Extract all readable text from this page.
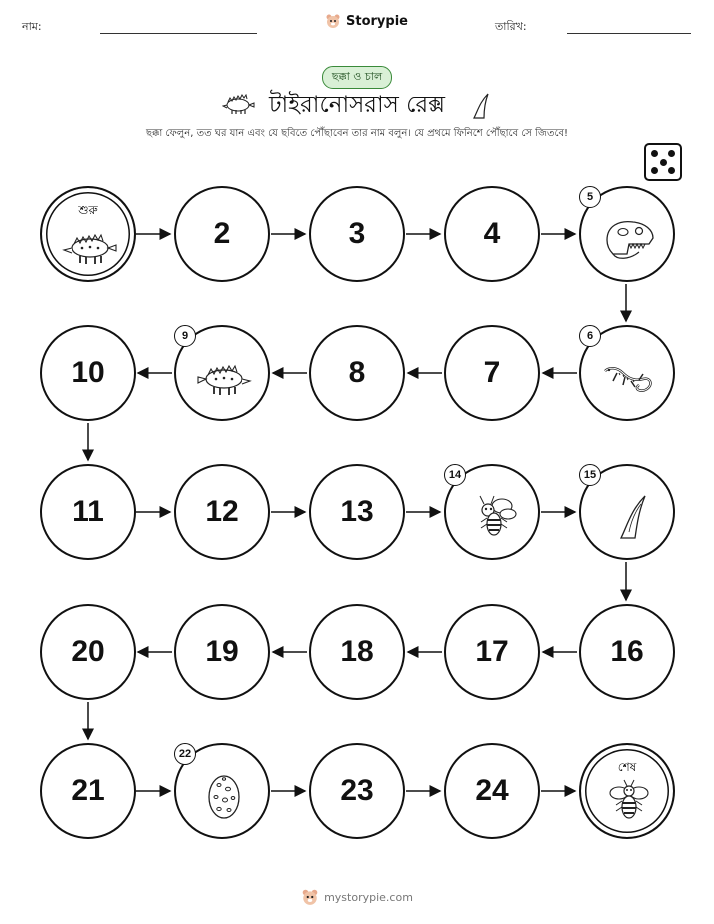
নাম:	Storypie	তারিখ:
ছক্কা ও চাল
টাইরানোসরাস রেক্স
ছক্কা ফেলুন, তত ঘর যান এবং যে ছবিতে পৌঁছাবেন তার নাম বলুন। যে প্রথমে ফিনিশে পৌঁছাবে সে জিতবে!
শুরু
2	3	4
5
10
9
8	7
6
11	12	13
14	15
20	19	18	17	16
21
22
23	24
শেষ
mystorypie.com
